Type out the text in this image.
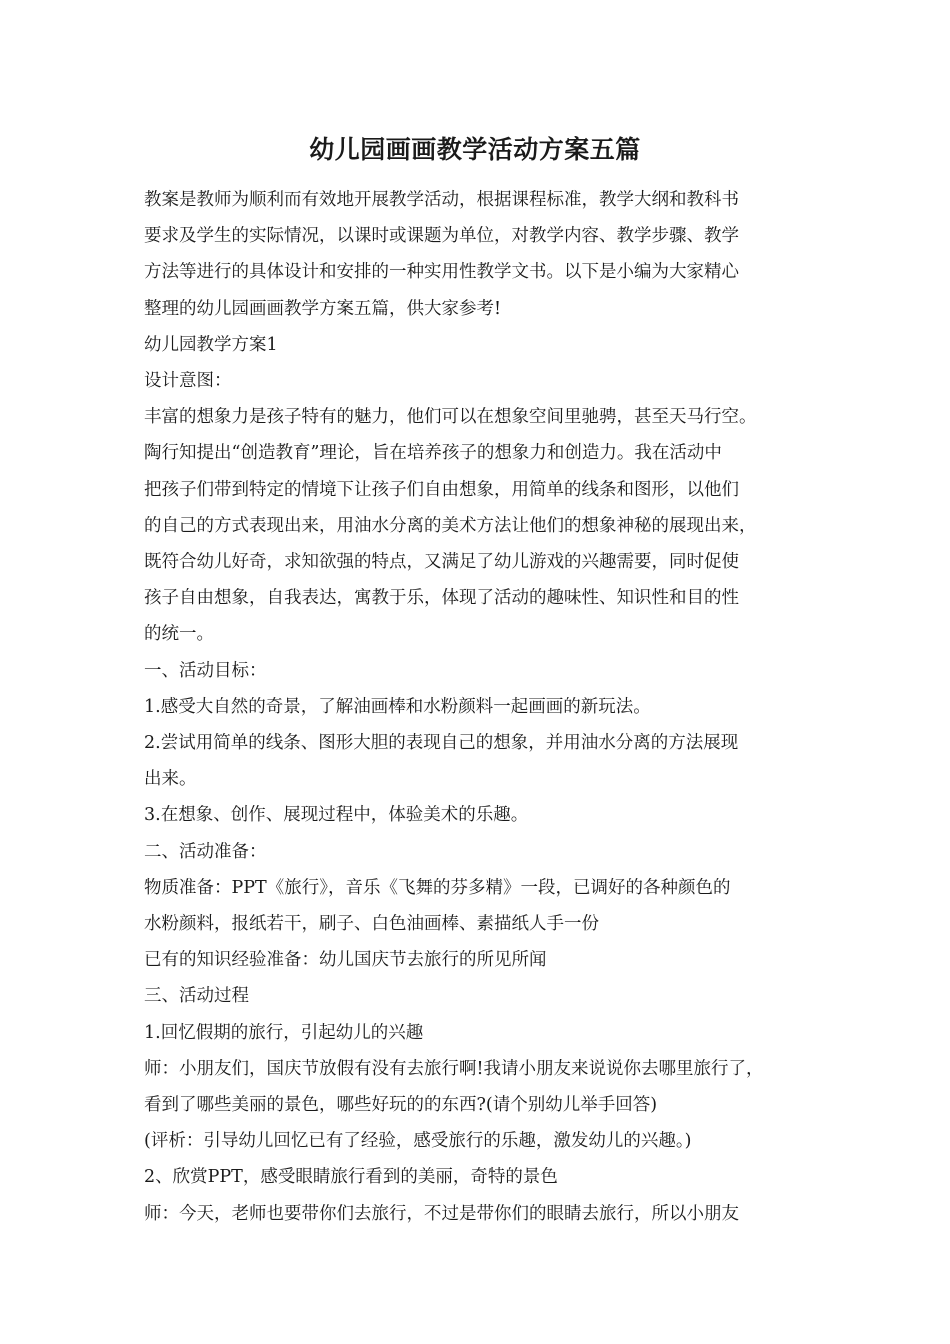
幼儿园画画教学活动方案五篇

教案是教师为顺利而有效地开展教学活动，根据课程标准，教学大纲和教科书

要求及学生的实际情况，以课时或课题为单位，对教学内容、教学步骤、教学

方法等进行的具体设计和安排的一种实用性教学文书。以下是小编为大家精心

整理的幼儿园画画教学方案五篇，供大家参考!

幼儿园教学方案1

设计意图：

丰富的想象力是孩子特有的魅力，他们可以在想象空间里驰骋，甚至天马行空。

陶行知提出“创造教育”理论，旨在培养孩子的想象力和创造力。我在活动中

把孩子们带到特定的情境下让孩子们自由想象，用简单的线条和图形，以他们

的自己的方式表现出来，用油水分离的美术方法让他们的想象神秘的展现出来，

既符合幼儿好奇，求知欲强的特点，又满足了幼儿游戏的兴趣需要，同时促使

孩子自由想象，自我表达，寓教于乐，体现了活动的趣味性、知识性和目的性

的统一。

一、活动目标：

1.感受大自然的奇景，了解油画棒和水粉颜料一起画画的新玩法。

2.尝试用简单的线条、图形大胆的表现自己的想象，并用油水分离的方法展现

出来。

3.在想象、创作、展现过程中，体验美术的乐趣。

二、活动准备：

物质准备：PPT《旅行》，音乐《飞舞的芬多精》一段，已调好的各种颜色的

水粉颜料，报纸若干，刷子、白色油画棒、素描纸人手一份

已有的知识经验准备：幼儿国庆节去旅行的所见所闻

三、活动过程

1.回忆假期的旅行，引起幼儿的兴趣

师：小朋友们，国庆节放假有没有去旅行啊!我请小朋友来说说你去哪里旅行了，

看到了哪些美丽的景色，哪些好玩的的东西?(请个别幼儿举手回答)

(评析：引导幼儿回忆已有了经验，感受旅行的乐趣，激发幼儿的兴趣。)

2、欣赏PPT，感受眼睛旅行看到的美丽，奇特的景色

师：今天，老师也要带你们去旅行，不过是带你们的眼睛去旅行，所以小朋友
